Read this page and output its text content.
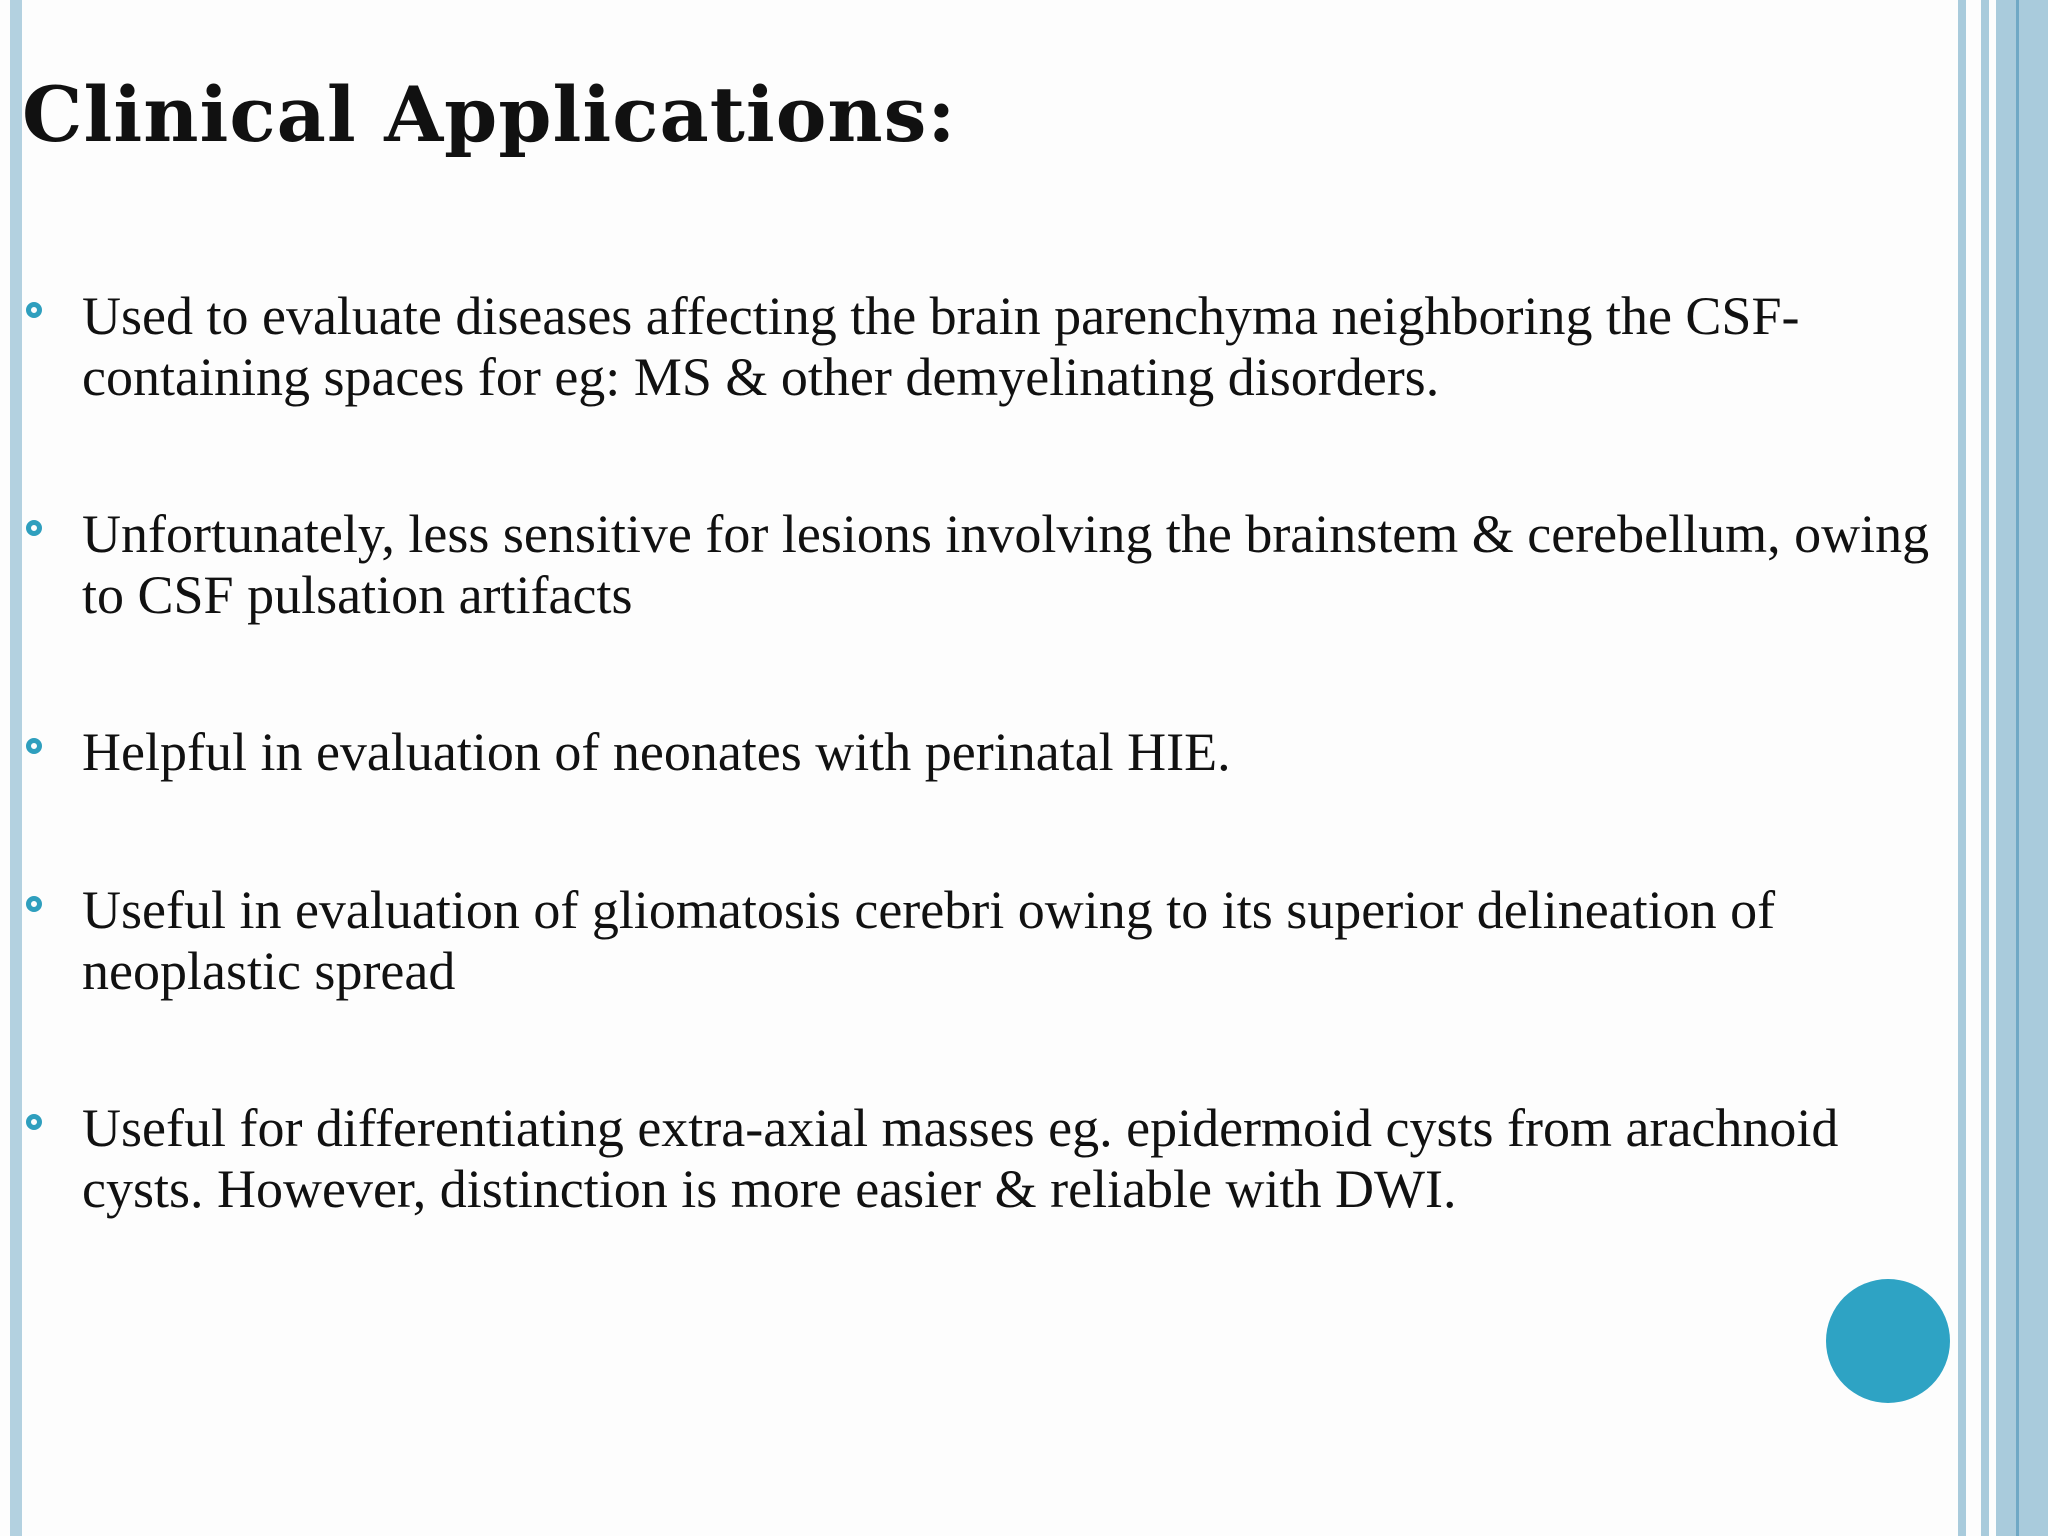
Clinical Applications:
Used to evaluate diseases affecting the brain parenchyma neighboring the CSF-containing spaces for eg: MS & other demyelinating disorders.
Unfortunately, less sensitive for lesions involving the brainstem & cerebellum, owing to CSF pulsation artifacts
Helpful in evaluation of neonates with perinatal HIE.
Useful in evaluation of gliomatosis cerebri owing to its superior delineation of neoplastic spread
Useful for differentiating extra-axial masses eg. epidermoid cysts from arachnoid cysts. However, distinction is more easier & reliable with DWI.
